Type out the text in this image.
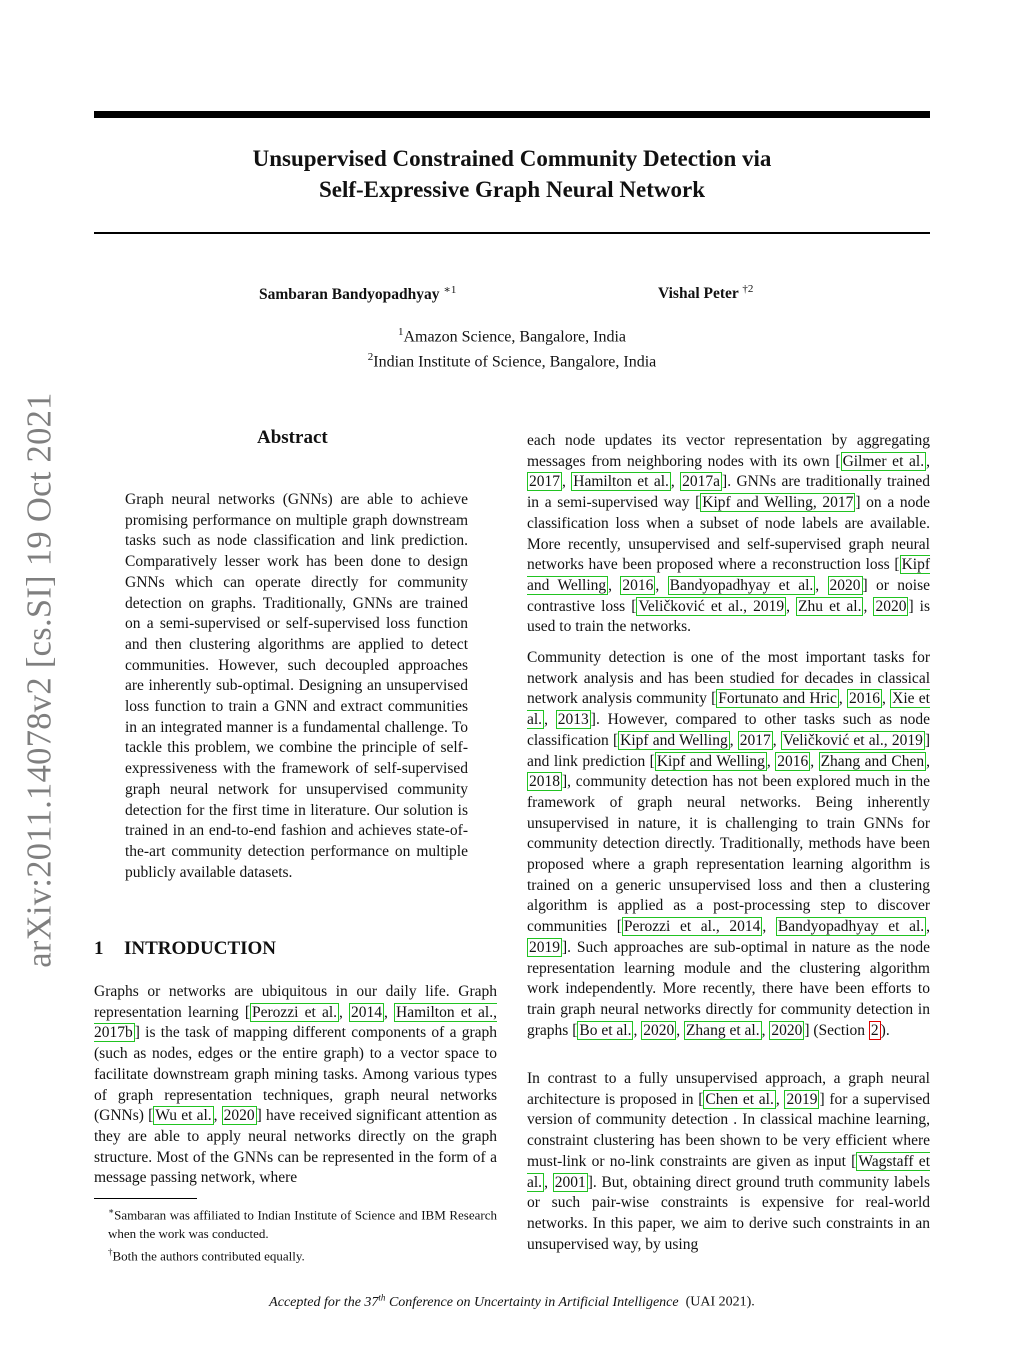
Unsupervised Constrained Community Detection via
Self-Expressive Graph Neural Network
Sambaran Bandyopadhyay $^{∗1}$	Vishal Peter $^{\dagger 2}$
$^1$Amazon Science, Bangalore, India
$^2$Indian Institute of Science, Bangalore, India
arXiv:2011.14078v2 [cs.SI] 19 Oct 2021	Abstract
Graph neural networks (GNNs) are able to achieve promising performance on multiple graph downstream tasks such as node classification and link prediction. Comparatively lesser work has been done to design GNNs which can operate directly for community detection on graphs. Traditionally, GNNs are trained on a semi-supervised or self-supervised loss function and then clustering algorithms are applied to detect communities. However, such decoupled approaches are inherently sub-optimal. Designing an unsupervised loss function to train a GNN and extract communities in an integrated manner is a fundamental challenge. To tackle this problem, we combine the principle of self-expressiveness with the framework of self-supervised graph neural network for unsupervised community detection for the first time in literature. Our solution is trained in an end-to-end fashion and achieves state-of-the-art community detection performance on multiple publicly available datasets.
1 INTRODUCTION

Graphs or networks are ubiquitous in our daily life. Graph representation learning [ Perozzi et al. , 2014 , Hamilton et al., 2017b ] is the task of mapping different components of a graph (such as nodes, edges or the entire graph) to a vector space to facilitate downstream graph mining tasks. Among various types of graph representation techniques, graph neural networks (GNNs) [ Wu et al. , 2020 ] have received significant attention as they are able to apply neural networks directly on the graph structure. Most of the GNNs can be represented in the form of a message passing network, where

∗Sambaran was affiliated to Indian Institute of Science and IBM Research when the work was conducted.
†Both the authors contributed equally.

each node updates its vector representation by aggregating messages from neighboring nodes with its own [ Gilmer et al. , 2017 , Hamilton et al. , 2017a ]. GNNs are traditionally trained in a semi-supervised way [ Kipf and Welling, 2017 ] on a node classification loss when a subset of node labels are available. More recently, unsupervised and self-supervised graph neural networks have been proposed where a reconstruction loss [ Kipf and Welling , 2016 , Bandyopadhyay et al. , 2020 ] or noise contrastive loss [ Veličković et al., 2019 , Zhu et al. , 2020 ] is used to train the networks.

Community detection is one of the most important tasks for network analysis and has been studied for decades in classical network analysis community [ Fortunato and Hric , 2016 , Xie et al. , 2013 ]. However, compared to other tasks such as node classification [ Kipf and Welling , 2017 , Veličković et al., 2019 ] and link prediction [ Kipf and Welling , 2016 , Zhang and Chen , 2018 ], community detection has not been explored much in the framework of graph neural networks. Being inherently unsupervised in nature, it is challenging to train GNNs for community detection directly. Traditionally, methods have been proposed where a graph representation learning algorithm is trained on a generic unsupervised loss and then a clustering algorithm is applied as a post-processing step to discover communities [ Perozzi et al., 2014 , Bandyopadhyay et al. , 2019 ]. Such approaches are sub-optimal in nature as the node representation learning module and the clustering algorithm work independently. More recently, there have been efforts to train graph neural networks directly for community detection in graphs [ Bo et al. , 2020 , Zhang et al. , 2020 ] (Section 2 ).

In contrast to a fully unsupervised approach, a graph neural architecture is proposed in [ Chen et al. , 2019 ] for a supervised version of community detection . In classical machine learning, constraint clustering has been shown to be very efficient where must-link or no-link constraints are given as input [ Wagstaff et al. , 2001 ]. But, obtaining direct ground truth community labels or such pair-wise constraints is expensive for real-world networks. In this paper, we aim to derive such constraints in an unsupervised way, by using

Accepted for the 37th Conference on Uncertainty in Artificial Intelligence (UAI 2021).
